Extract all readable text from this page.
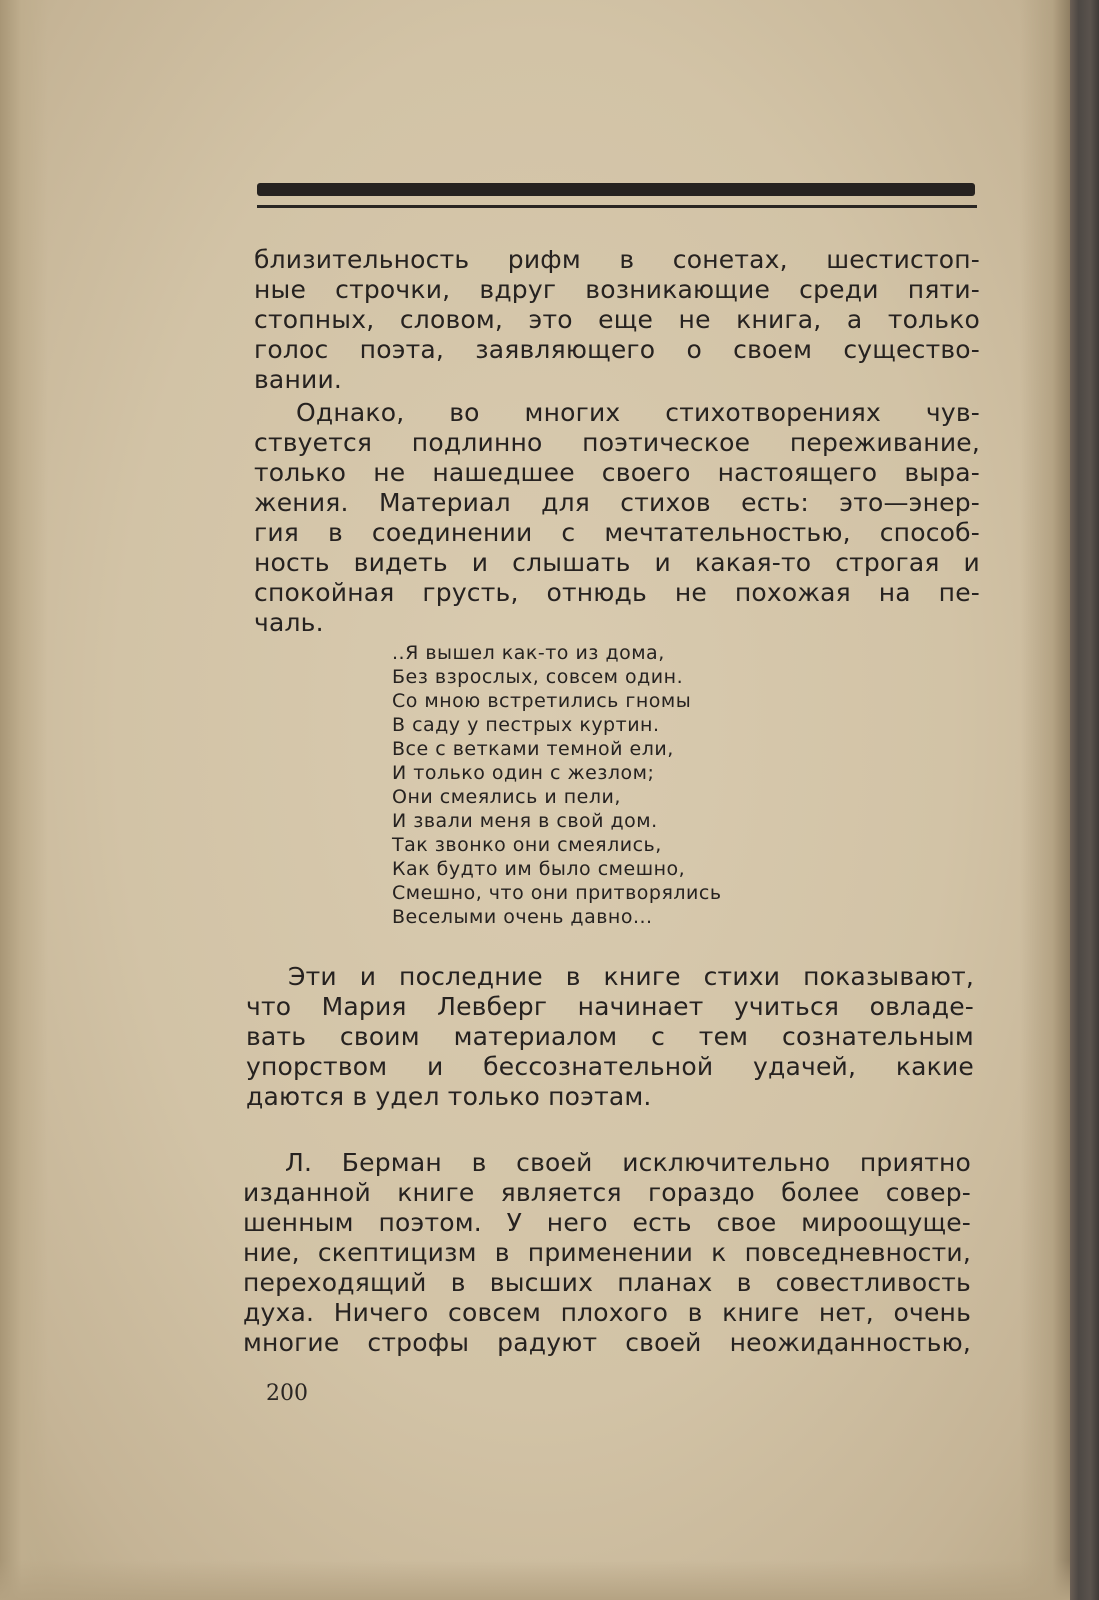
близительность рифм в сонетах, шестистоп-
ные строчки, вдруг возникающие среди пяти-
стопных, словом, это еще не книга, а только
голос поэта, заявляющего о своем существо-
вании.
Однако, во многих стихотворениях чув-
ствуется подлинно поэтическое переживание,
только не нашедшее своего настоящего выра-
жения. Материал для стихов есть: это—энер-
гия в соединении с мечтательностью, способ-
ность видеть и слышать и какая-то строгая и
спокойная грусть, отнюдь не похожая на пе-
чаль.
..Я вышел как-то из дома,
Без взрослых, совсем один.
Со мною встретились гномы
В саду у пестрых куртин.
Все с ветками темной ели,
И только один с жезлом;
Они смеялись и пели,
И звали меня в свой дом.
Так звонко они смеялись,
Как будто им было смешно,
Смешно, что они притворялись
Веселыми очень давно...
Эти и последние в книге стихи показывают,
что Мария Левберг начинает учиться овладе-
вать своим материалом с тем сознательным
упорством и бессознательной удачей, какие
даются в удел только поэтам.
Л. Берман в своей исключительно приятно
изданной книге является гораздо более совер-
шенным поэтом. У него есть свое мироощуще-
ние, скептицизм в применении к повседневности,
переходящий в высших планах в совестливость
духа. Ничего совсем плохого в книге нет, очень
многие строфы радуют своей неожиданностью,
200
